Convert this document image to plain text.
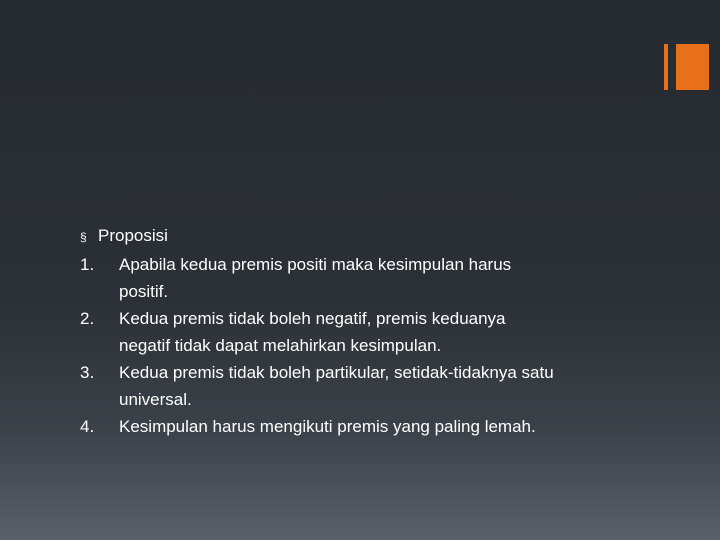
§ Proposisi
1.	Apabila kedua premis positi maka kesimpulan harus
positif.
2.	Kedua premis tidak boleh negatif, premis keduanya
negatif tidak dapat melahirkan kesimpulan.
3.	Kedua premis tidak boleh partikular, setidak-tidaknya satu
universal.
4.	Kesimpulan harus mengikuti premis yang paling lemah.
